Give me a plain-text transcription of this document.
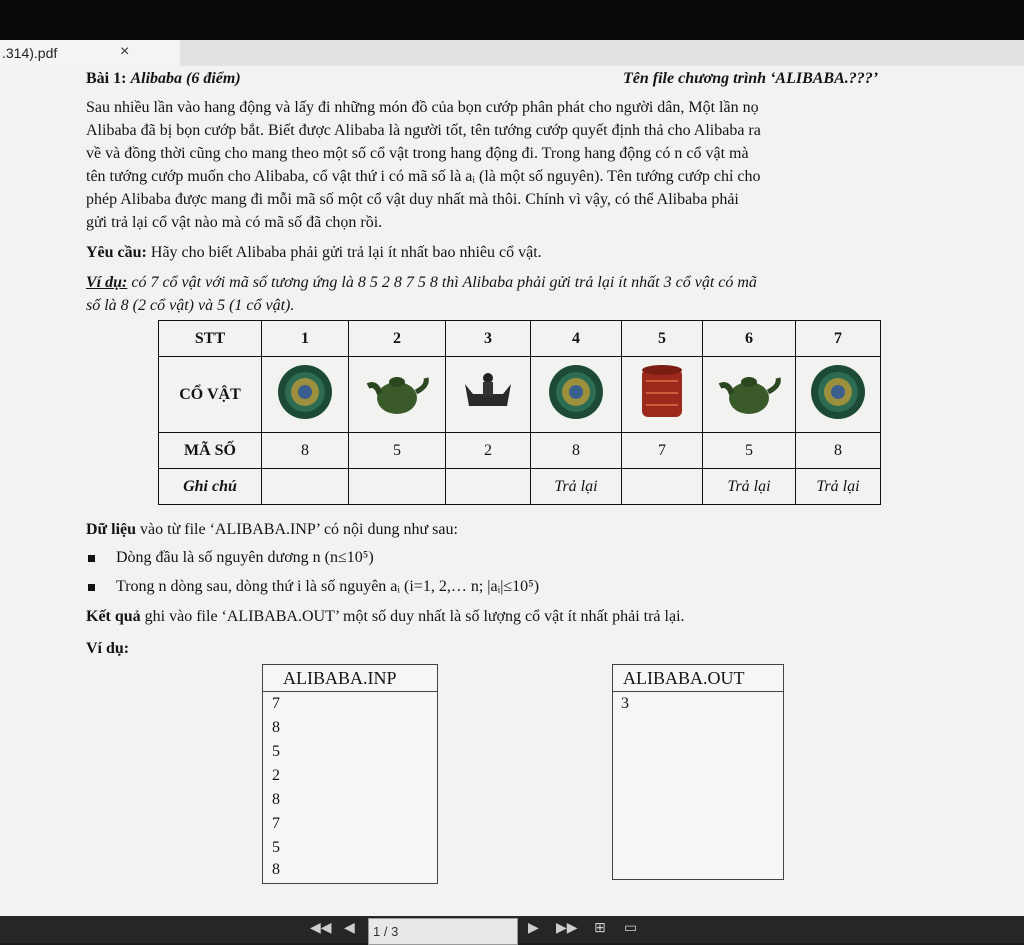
.314).pdf	×
Bài 1: Alibaba (6 điểm)	Tên file chương trình ‘ALIBABA.???’
Sau nhiều lần vào hang động và lấy đi những món đồ của bọn cướp phân phát cho người dân, Một lần nọ
Alibaba đã bị bọn cướp bắt. Biết được Alibaba là người tốt, tên tướng cướp quyết định thả cho Alibaba ra
về và đồng thời cũng cho mang theo một số cổ vật trong hang động đi. Trong hang động có n cổ vật mà
tên tướng cướp muốn cho Alibaba, cổ vật thứ i có mã số là aᵢ (là một số nguyên). Tên tướng cướp chỉ cho
phép Alibaba được mang đi mỗi mã số một cổ vật duy nhất mà thôi. Chính vì vậy, có thể Alibaba phải
gửi trả lại cổ vật nào mà có mã số đã chọn rồi.
Yêu cầu: Hãy cho biết Alibaba phải gửi trả lại ít nhất bao nhiêu cổ vật.
Ví dụ: có 7 cổ vật với mã số tương ứng là 8 5 2 8 7 5 8 thì Alibaba phải gửi trả lại ít nhất 3 cổ vật có mã
số là 8 (2 cổ vật) và 5 (1 cổ vật).
STT	1	2	3	4	5	6	7
CỔ VẬT							
MÃ SỐ	8	5	2	8	7	5	8
Ghi chú				Trả lại		Trả lại	Trả lại
Dữ liệu vào từ file ‘ALIBABA.INP’ có nội dung như sau:
Dòng đầu là số nguyên dương n (n≤10⁵)
Trong n dòng sau, dòng thứ i là số nguyên aᵢ (i=1, 2,… n; |aᵢ|≤10⁵)
Kết quả ghi vào file ‘ALIBABA.OUT’ một số duy nhất là số lượng cổ vật ít nhất phải trả lại.
Ví dụ:
ALIBABA.INP
7
8
5
2
8
7
5
8
ALIBABA.OUT
3
◀◀ ◀ 1 / 3	▶ ▶▶ ⊞ ▭
